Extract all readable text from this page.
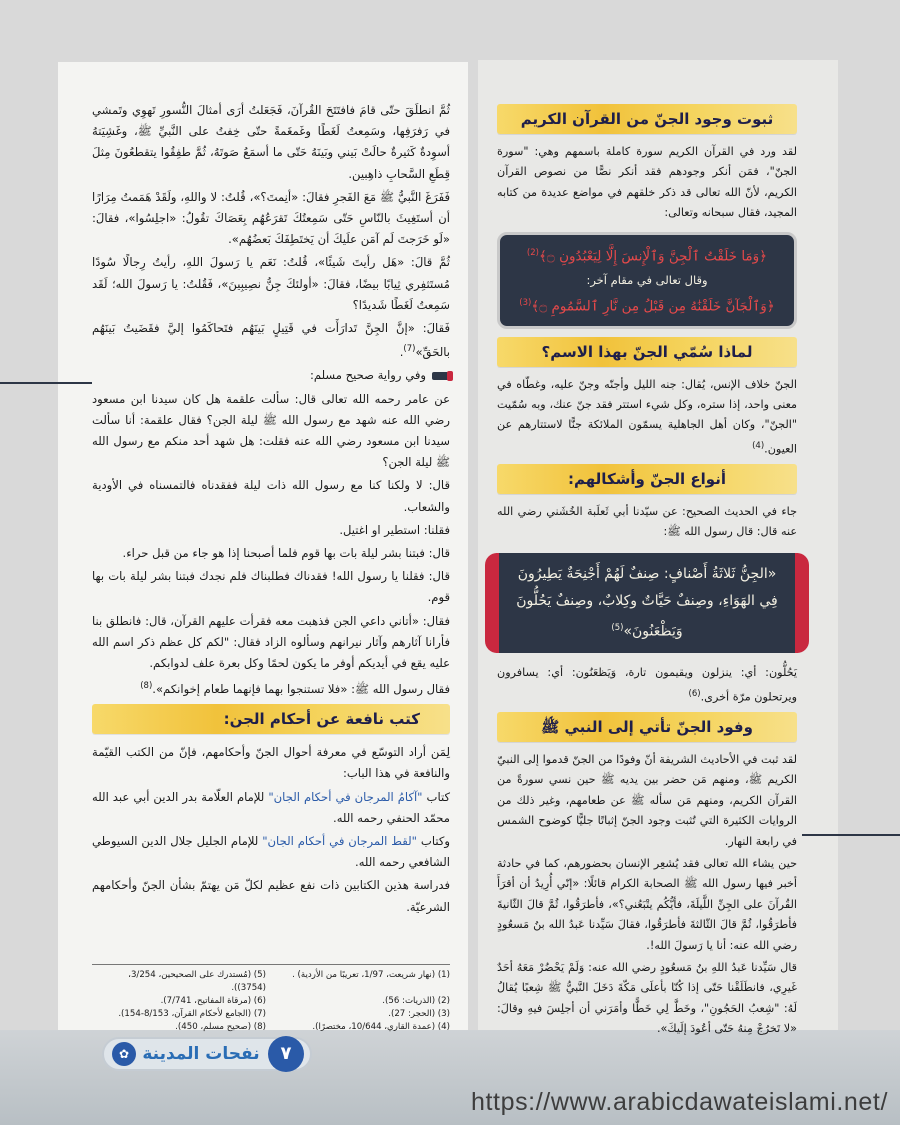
ثُمَّ انطلَقَ حتّى قامَ فافتَتَحَ القُرآنَ، فَجَعَلتُ أرَى أمثالَ النُّسورِ تَهوِي وتَمشي في رَفرَفِها، وسَمِعتُ لَغَطًا وغَمغَمةً حتّى خِفتُ على النَّبيِّ ﷺ، وغَشِيَتهُ أسوِدةٌ كَثيرةٌ حالَتْ بَيني وبَينَهُ حَتّى ما أسمَعُ صَوتَهُ، ثُمَّ طفِقُوا يتقطعُونَ مِثلَ قِطَعِ السَّحابِ ذاهِبين.

فَفَرَغَ النَّبيُّ ﷺ مَعَ الفَجرِ فقالَ: «أنِمتَ؟»، قُلتُ: لا واللهِ، ولَقَدْ هَمَمتُ مِرَارًا أن أستَغِيثَ بالنّاسِ حَتّى سَمِعتُكَ تَقرَعُهُم بِعَصَاكَ تقُولُ: «اجلِسُوا»، فقالَ: «لَو خَرَجتَ لَم آمَن علَيكَ أن يَختَطِفَكَ بَعضُهُم».

ثُمَّ قالَ: «هَل رأيتَ شَيئًا»، قُلتُ: نَعَم يا رَسولَ اللهِ، رأيتُ رِجالًا سُودًا مُستَثفِري ثِيابًا بيضًا، فقالَ: «أولئكَ جِنُّ نصِيبِينَ»، فَقُلتُ: يا رَسولَ الله؛ لَقَد سَمِعتُ لَغَطًا شَديدًا؟

فَقالَ: «إنَّ الجِنَّ تَدارَأَت في قَتِيلٍ بَينَهُم فتَحاكَمُوا إليَّ فقَضَيتُ بَينَهُم بالحَقِّ»$^{(7)}$.

وفي رواية صحيح مسلم:

عن عامر رحمه الله تعالى قال: سألت علقمة هل كان سيدنا ابن مسعود رضي الله عنه شهد مع رسول الله ﷺ ليلة الجن؟ فقال علقمة: أنا سألت سيدنا ابن مسعود رضي الله عنه فقلت: هل شهد أحد منكم مع رسول الله ﷺ ليلة الجن؟

قال: لا ولكنا كنا مع رسول الله ذات ليلة ففقدناه فالتمسناه في الأودية والشعاب.

فقلنا: استطير او اغتيل.

قال: فبتنا بشر ليلة بات بها قوم فلما أصبحنا إذا هو جاء من قبل حراء.

قال: فقلنا يا رسول الله! فقدناك فطلبناك فلم نجدك فبتنا بشر ليلة بات بها قوم.

فقال: «أتاني داعي الجن فذهبت معه فقرأت عليهم القرآن، قال: فانطلق بنا فأرانا آثارهم وآثار نيرانهم وسألوه الزاد فقال: "لكم كل عظم ذكر اسم الله عليه يقع في أيديكم أوفر ما يكون لحمًا وكل بعرة علف لدوابكم.

فقال رسول الله ﷺ: «فلا تستنجوا بهما فإنهما طعام إخوانكم».$^{(8)}$

كتب نافعة عن أحكام الجن:

لِمَن أراد التوسّع في معرفة أحوال الجنّ وأحكامهم، فإنّ من الكتب القيّمة والنافعة في هذا الباب:

كتاب "آكامُ المرجان في أحكام الجان" للإمام العلّامة بدر الدين أبي عبد الله محمّد الحنفي رحمه الله.

وكتاب "لقط المرجان في أحكام الجان" للإمام الجليل جلال الدين السيوطي الشافعي رحمه الله.

فدراسة هذين الكتابين ذات نفع عظيم لكلّ مَن يهتمّ بشأن الجنّ وأحكامهم الشرعيّة.

(1) (نهار شريعت، 1/97، تعريبًا من الأردية) .
(5) (مُستدرك على الصحيحين، 3/254، (3754)).
(2) (الذريات: 56).
(6) (مرقاة المفاتيح، 7/741).
(3) (الحجر: 27).
(7) (الجامع لأحكام القرآن، 8/153-154).
(4) (عمدة القاري، 10/644، مختصرًا).
(8) (صحيح مسلم، 450).
ثبوت وجود الجنّ من القرآن الكريم

لقد ورد في القرآن الكريم سورة كاملة باسمهم وهي: "سورة الجنّ"، فمَن أنكر وجودهم فقد أنكر نصًّا من نصوص القرآن الكريم، لأنّ الله تعالى قد ذكر خلقهم في مواضع عديدة من كتابه المجيد، فقال سبحانه وتعالى:

﴿وَمَا خَلَقْتُ ٱلْجِنَّ وَٱلْإِنسَ إِلَّا لِيَعْبُدُونِ ۝﴾$^{(2)}$
وقال تعالى في مقام آخر:
﴿وَٱلْجَآنَّ خَلَقْنَٰهُ مِن قَبْلُ مِن نَّارِ ٱلسَّمُومِ ۝﴾$^{(3)}$
لماذا سُمّي الجنّ بهذا الاسم؟

الجنّ خلاف الإنس، يُقال: جنه الليل وأجنّه وجنّ عليه، وغطّاه في معنى واحد، إذا ستره، وكل شيء استتر فقد جنّ عنك، وبه سُمّيت "الجنّ"، وكان أهل الجاهلية يسمّون الملائكة جنًّا لاستتارهم عن العيون.$^{(4)}$

أنواع الجنّ وأشكالهم:

جاء في الحديث الصحيح: عن سيّدنا أبي ثَعلَبة الخُشَني رضي الله عنه قال: قال رسول الله ﷺ:

«الجِنُّ ثَلاثَةُ أَصْنافٍ: صِنفٌ لَهُمْ أَجْنِحَةٌ يَطِيرُونَ فِي الهَوَاءِ، وصِنفٌ حَيَّاتٌ وكِلابٌ، وصِنفٌ يَحُلُّونَ وَيَظْعَنُونَ»$^{(5)}$

يَحُلُّون: أي: ينزلون ويقيمون تارة، وَيَظعَنُون: أي: يسافرون ويرتحلون مرّة أخرى.$^{(6)}$

وفود الجنّ تأتي إلى النبي ﷺ

لقد ثبت في الأحاديث الشريفة أنّ وفودًا من الجنّ قدموا إلى النبيّ الكريم ﷺ، ومنهم مَن حضر بين يديه ﷺ حين نسي سورةً من القرآن الكريم، ومنهم مَن سأله ﷺ عن طعامهم، وغير ذلك من الروايات الكثيرة التي تُثبت وجود الجنّ إثباتًا جليًّا كوضوح الشمس في رابعة النهار.

حين يشاء الله تعالى فقد يُشعِر الإنسان بحضورهم، كما في حادثة أخبر فيها رسول الله ﷺ الصحابة الكرام قائلًا: «إنّي أُرِيدُ أن أقرَأَ القُرآنَ على الجِنِّ اللَّيلَةَ، فأيُّكُم يتْبَعُني؟»، فأطرَقُوا، ثُمَّ قالَ الثّانيةَ فأطرَقُوا، ثُمَّ قالَ الثّالثةَ فأطرَقُوا، فقالَ سَيِّدنا عَبدُ الله بنُ مَسعُودٍ رضي الله عنه: أنا يا رَسولَ الله!.

قال سَيِّدنا عَبدُ اللهِ بنُ مَسعُودٍ رضي الله عنه: وَلَمْ يَحْضُرْ مَعَهُ أحَدٌ غَيرِي، فانطَلَقْنا حَتّى إذا كُنّا بأعلَى مَكّةَ دَخَلَ النَّبيُّ ﷺ شِعبًا يُقالُ لَهُ: "شِعبُ الحَجُونِ"، وخَطَّ لِي خَطًّا وأمَرَني أن أجلِسَ فيهِ وقالَ: «لا تَخرُجْ مِنهُ حَتّى أعُودَ إلَيكَ».

✿ نفحات المدينة	٧
https://www.arabicdawateislami.net/
